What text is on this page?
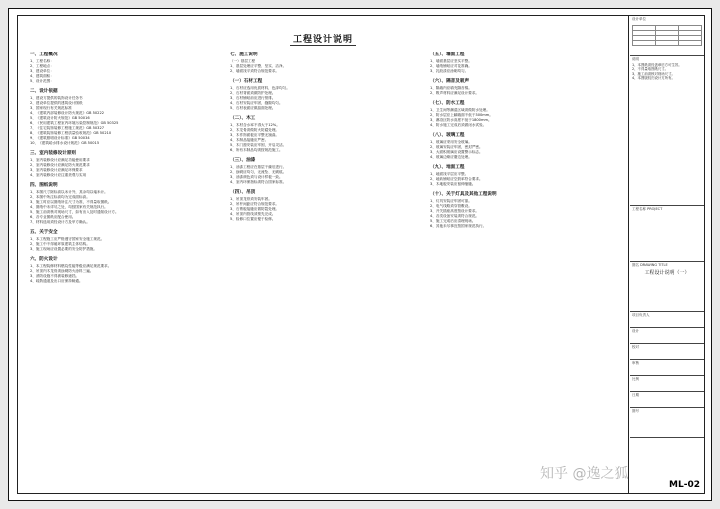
工程设计说明
一、工程概况
1、工程名称：
2、工程地点：
3、建设单位：
4、建筑面积：
5、设计范围：
二、设计依据
1、建设方提供的装饰设计任务书
2、建设单位提供的建筑设计图纸
3、国家现行有关规范标准
4、《建筑内部装修设计防火规范》GB 50222
5、《建筑设计防火规范》GB 50016
6、《民用建筑工程室内环境污染控制规范》GB 50325
7、《住宅装饰装修工程施工规范》GB 50327
8、《建筑装饰装修工程质量验收规范》GB 50210
9、《建筑照明设计标准》GB 50034
10、《建筑给水排水设计规范》GB 50015
三、室内装修设计原则
1、室内装修设计应满足功能使用要求
2、室内装修设计应满足防火规范要求
3、室内装修设计应满足环保要求
4、室内装修设计应注重美观与实用
四、图纸说明
1、本图尺寸除标高以米计外，其余均以毫米计。
2、本图中所注标高均为完成面标高。
3、施工时应以图纸所注尺寸为准，不得量取图纸。
4、图纸中未详尽之处，均按国家有关规范执行。
5、施工前须核对现场尺寸，如有出入及时通知设计方。
6、各专业图纸应配合使用。
7、材料选用须经设计方及甲方确认。
五、关于安全
1、本工程施工应严格遵守国家安全施工规范。
2、施工中不得破坏原建筑主体结构。
3、施工现场应设置必要的安全防护措施。
六、防火设计
1、本工程装修材料燃烧性能等级应满足规范要求。
2、吊顶内木龙骨须涂刷防火涂料三遍。
3、消防设施不得被装修遮挡。
4、疏散通道及出口应保持畅通。
七、施工说明
（一）基层工程
1、基层处理应平整、坚实、洁净。
2、墙面找平须符合规范要求。
（一）石材工程
1、石材应选用优质材料，色泽均匀。
2、石材背面须做防护处理。
3、石材铺贴前应进行预排。
4、石材安装应牢固，缝隙均匀。
5、石材表面应做晶面处理。
（二）、木工
1、木材含水率不得大于12%。
2、木龙骨须做防火防腐处理。
3、木作饰面板应平整无翘曲。
4、木制品接缝应严密。
5、木门窗安装应牢固，开启灵活。
6、所有木制品均须按规范施工。
（三）、油漆
1、油漆工程应在基层干燥后进行。
2、涂刷应均匀，无流坠、无刷痕。
3、油漆颜色须与设计样板一致。
4、室内环保指标须符合国家标准。
（四）、吊顶
1、吊顶龙骨须安装牢固。
2、吊杆间距应符合规范要求。
3、石膏板接缝应做防裂处理。
4、吊顶内管线须预先完成。
5、检修口位置应便于检修。
（五）、墙面工程
1、墙面基层应坚实平整。
2、墙纸铺贴应对花准确。
3、乳胶漆应涂刷均匀。
（六）、隔音及吸声
1、隔墙内应填充隔音棉。
2、吸声材料应满足设计要求。
（七）、防水工程
1、卫生间等潮湿区域须做防水处理。
2、防水层应上翻墙面不低于300mm。
3、淋浴区防水高度不低于1800mm。
4、防水施工完成后须做闭水试验。
（八）、玻璃工程
1、玻璃应采用安全玻璃。
2、玻璃安装应牢固，密封严密。
3、大面积玻璃应设置警示标志。
4、玻璃边缘应磨边处理。
（九）、地面工程
1、地面找平层应平整。
2、地砖铺贴应空鼓率符合要求。
3、木地板安装应留伸缩缝。
（十）、关于灯具及其他工程说明
1、灯具安装应牢固可靠。
2、电气线路须穿管敷设。
3、开关插座高度按设计要求。
4、各类设备安装须符合规范。
5、施工完成后应清理现场。
6、其他未尽事宜按国家规范执行。
设计单位
说明
1、本图纸须经盖章后方可生效。
2、不得量取图纸尺寸。
3、施工前须核对现场尺寸。
4、本图版权归设计方所有。
工程名称 PROJECT
图名 DRAWING TITLE
工程设计说明（一）
项目负责人
设计
校对
审核
比例
日期
图号
ML-02
知乎 @逸之狐
